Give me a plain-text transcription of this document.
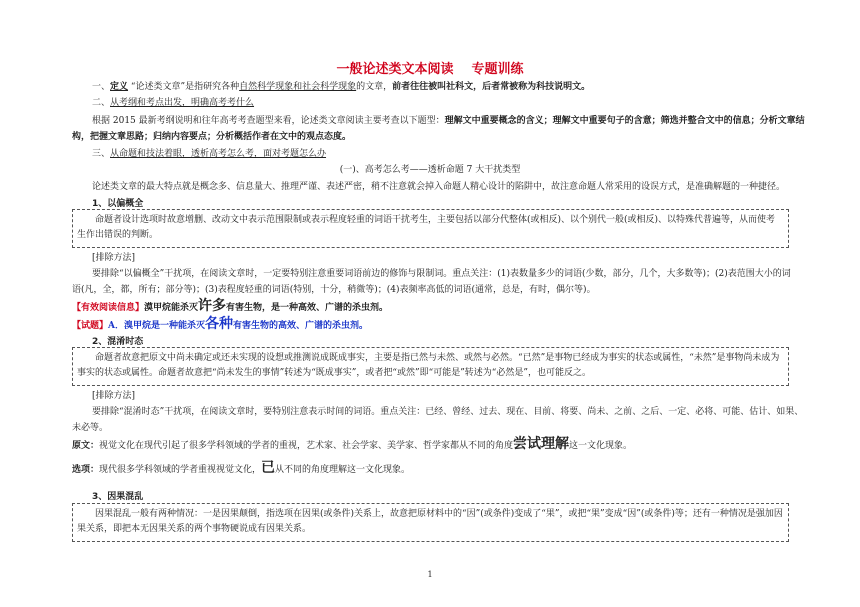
一般论述类文本阅读 专题训练
一、定义 “论述类文章”是指研究各种自然科学现象和社会科学现象的文章，前者往往被叫社科文，后者常被称为科技说明文。
二、从考纲和考点出发，明确高考考什么
根据 2015 最新考纲说明和往年高考考查题型来看，论述类文章阅读主要考查以下题型：理解文中重要概念的含义；理解文中重要句子的含意；筛选并整合文中的信息；分析文章结
构，把握文章思路；归纳内容要点；分析概括作者在文中的观点态度。
三、从命题和技法着眼，透析高考怎么考，面对考题怎么办
(一)、高考怎么考——透析命题 7 大干扰类型
论述类文章的最大特点就是概念多、信息量大、推理严谨、表述严密，稍不注意就会掉入命题人精心设计的陷阱中，故注意命题人常采用的设误方式，是准确解题的一种捷径。
1、以偏概全

命题者设计选项时故意增删、改动文中表示范围限制或表示程度轻重的词语干扰考生，主要包括以部分代整体(或相反)、以个别代一般(或相反)、以特殊代普遍等，从而使考生作出错误的判断。

[排除方法]
要排除“以偏概全”干扰项，在阅读文章时，一定要特别注意重要词语前边的修饰与限制词。重点关注：(1)表数量多少的词语(少数，部分，几个，大多数等)；(2)表范围大小的词
语(凡，全，都，所有；部分等)；(3)表程度轻重的词语(特别，十分，稍微等)；(4)表频率高低的词语(通常，总是，有时，偶尔等)。
【有效阅读信息】漠甲烷能杀灭许多有害生物，是一种高效、广谱的杀虫剂。
【试题】A．溴甲烷是一种能杀灭各种有害生物的高效、广谱的杀虫剂。
2、混淆时态

命题者故意把原文中尚未确定或还未实现的设想或推测说成既成事实，主要是指已然与未然、或然与必然。“已然”是事物已经成为事实的状态或属性，“未然”是事物尚未成为事实的状态或属性。命题者故意把“尚未发生的事情”转述为“既成事实”，或者把“或然”即“可能是”转述为“必然是”，也可能反之。

[排除方法]
要排除“混淆时态”干扰项，在阅读文章时，要特别注意表示时间的词语。重点关注：已经、曾经、过去、现在、目前、将要、尚未、之前、之后、一定、必将、可能、估计、如果、
未必等。
原文：视觉文化在现代引起了很多学科领域的学者的重视，艺术家、社会学家、美学家、哲学家都从不同的角度尝试理解这一文化现象。
选项：现代很多学科领域的学者重视视觉文化，已从不同的角度理解这一文化现象。
3、因果混乱

因果混乱一般有两种情况：一是因果颠倒，指选项在因果(或条件)关系上，故意把原材料中的“因”(或条件)变成了“果”，或把“果”变成“因”(或条件)等；还有一种情况是强加因果关系，即把本无因果关系的两个事物硬说成有因果关系。

1
